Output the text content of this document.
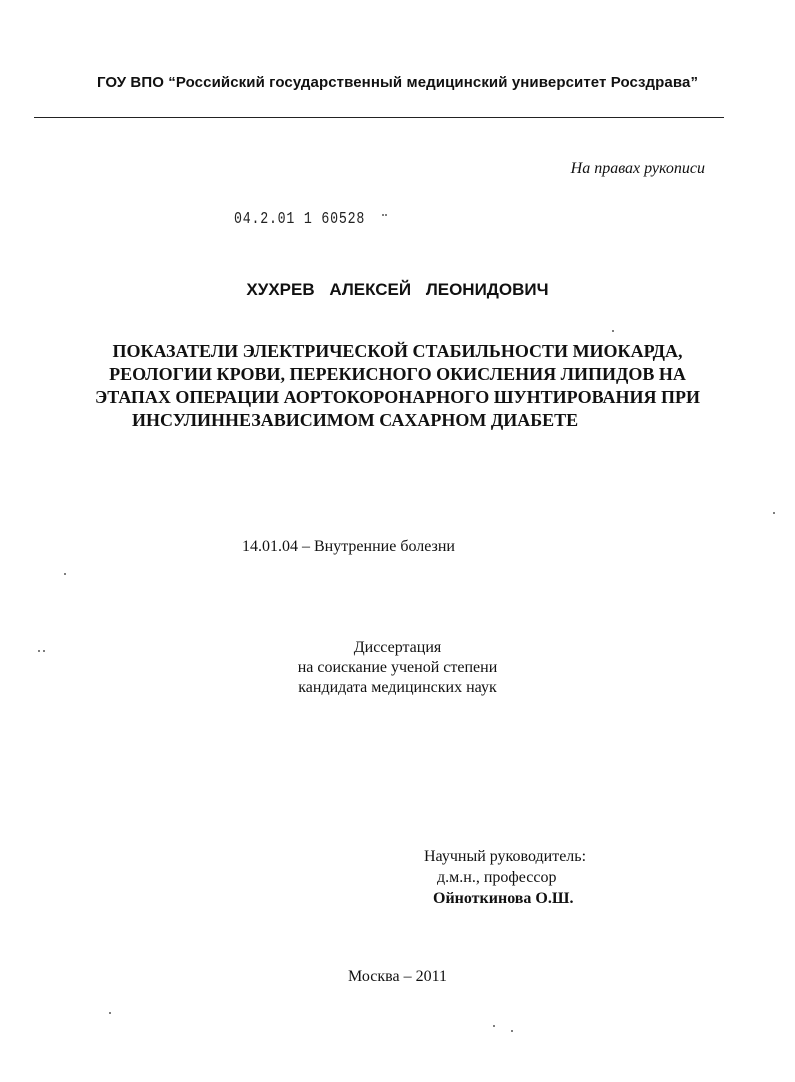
ГОУ ВПО “Российский государственный медицинский университет Росздрава”
На правах рукописи
04.2.01 1 60528
ХУХРЕВ АЛЕКСЕЙ ЛЕОНИДОВИЧ
ПОКАЗАТЕЛИ ЭЛЕКТРИЧЕСКОЙ СТАБИЛЬНОСТИ МИОКАРДА,
РЕОЛОГИИ КРОВИ, ПЕРЕКИСНОГО ОКИСЛЕНИЯ ЛИПИДОВ НА
ЭТАПАХ ОПЕРАЦИИ АОРТОКОРОНАРНОГО ШУНТИРОВАНИЯ ПРИ
ИНСУЛИННЕЗАВИСИМОМ САХАРНОМ ДИАБЕТЕ
14.01.04 – Внутренние болезни
Диссертация
на соискание ученой степени
кандидата медицинских наук
Научный руководитель:
д.м.н., профессор
Ойноткинова О.Ш.
Москва – 2011
